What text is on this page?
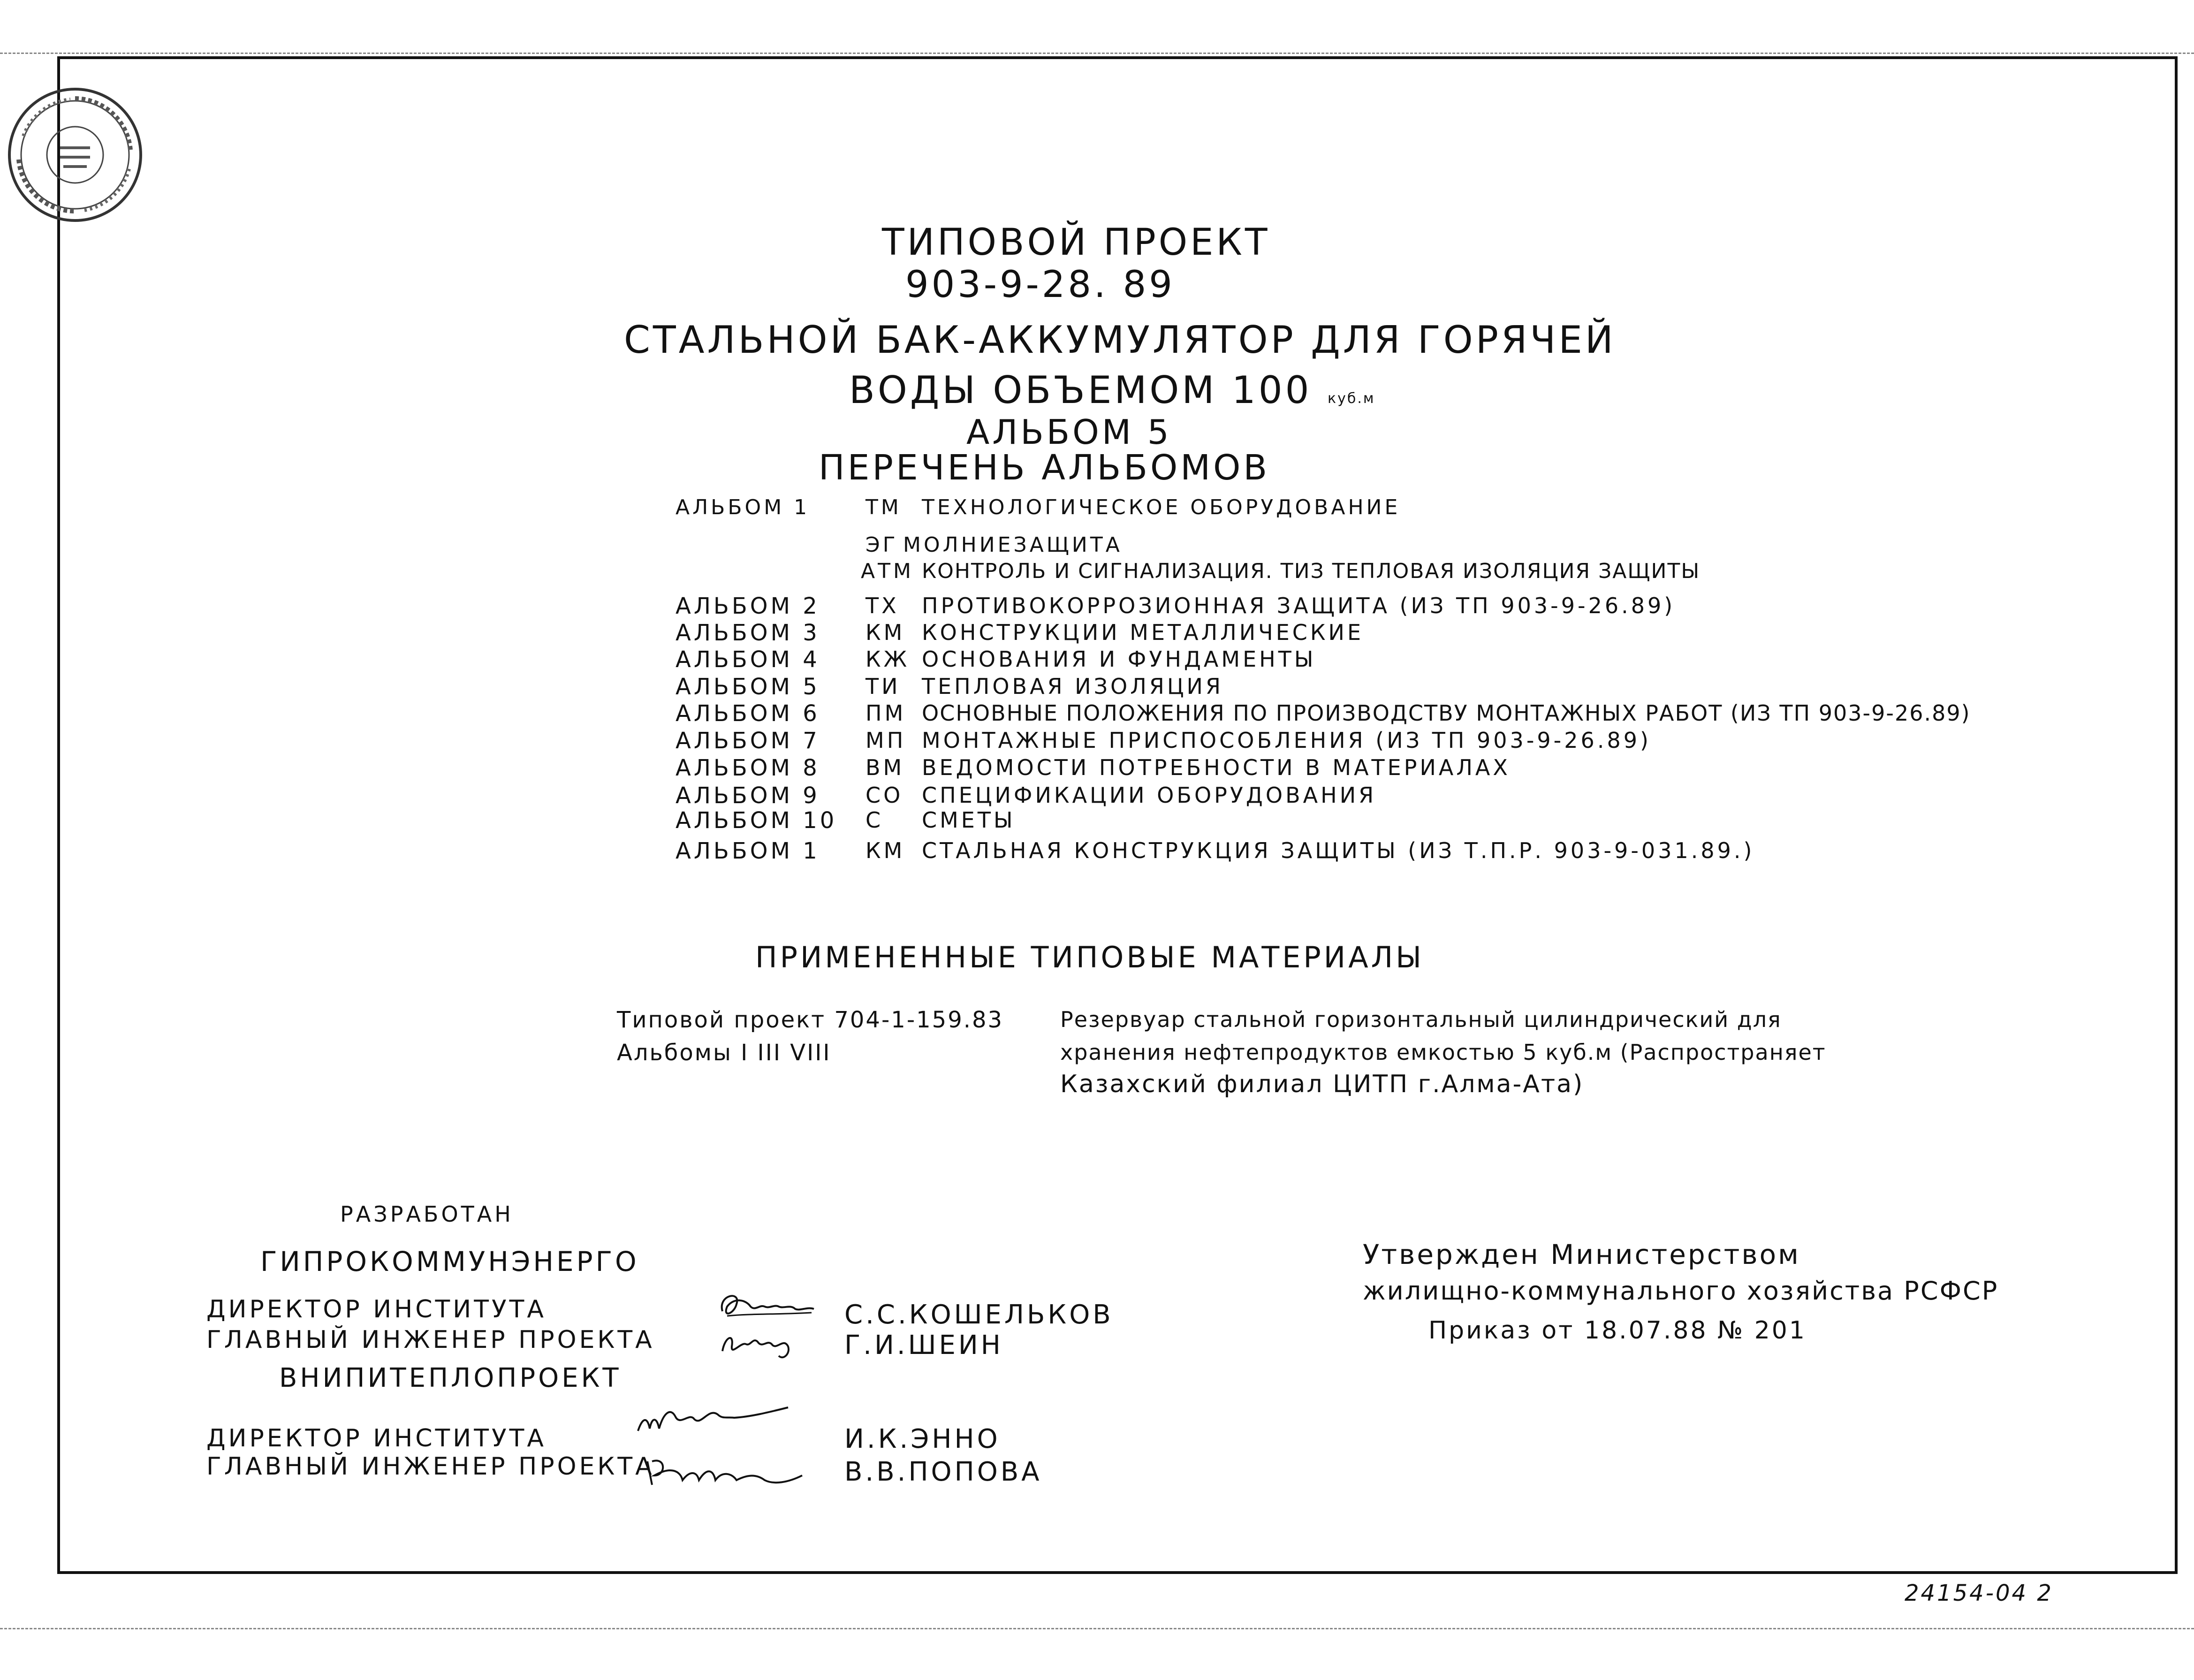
ТИПОВОЙ ПРОЕКТ
903-9-28. 89
СТАЛЬНОЙ БАК-АККУМУЛЯТОР ДЛЯ ГОРЯЧЕЙ
ВОДЫ ОБЪЕМОМ 100 куб.м
АЛЬБОМ 5
ПЕРЕЧЕНЬ АЛЬБОМОВ
АЛЬБОМ 1	ТМ ТЕХНОЛОГИЧЕСКОЕ ОБОРУДОВАНИЕ
ЭГ МОЛНИЕЗАЩИТА
АТМ КОНТРОЛЬ И СИГНАЛИЗАЦИЯ. ТИЗ ТЕПЛОВАЯ ИЗОЛЯЦИЯ ЗАЩИТЫ
АЛЬБОМ 2 ТХ ПРОТИВОКОРРОЗИОННАЯ ЗАЩИТА (ИЗ ТП 903-9-26.89)
АЛЬБОМ 3 КМ КОНСТРУКЦИИ МЕТАЛЛИЧЕСКИЕ
АЛЬБОМ 4 КЖ ОСНОВАНИЯ И ФУНДАМЕНТЫ
АЛЬБОМ 5 ТИ ТЕПЛОВАЯ ИЗОЛЯЦИЯ
АЛЬБОМ 6 ПМ ОСНОВНЫЕ ПОЛОЖЕНИЯ ПО ПРОИЗВОДСТВУ МОНТАЖНЫХ РАБОТ (ИЗ ТП 903-9-26.89)
АЛЬБОМ 7 МП МОНТАЖНЫЕ ПРИСПОСОБЛЕНИЯ (ИЗ ТП 903-9-26.89)
АЛЬБОМ 8 ВМ ВЕДОМОСТИ ПОТРЕБНОСТИ В МАТЕРИАЛАХ
АЛЬБОМ 9 СО СПЕЦИФИКАЦИИ ОБОРУДОВАНИЯ
АЛЬБОМ 10 С СМЕТЫ
АЛЬБОМ 1 КМ СТАЛЬНАЯ КОНСТРУКЦИЯ ЗАЩИТЫ (ИЗ Т.П.Р. 903-9-031.89.)
ПРИМЕНЕННЫЕ ТИПОВЫЕ МАТЕРИАЛЫ
Типовой проект 704-1-159.83
Альбомы I III VIII
Резервуар стальной горизонтальный цилиндрический для
хранения нефтепродуктов емкостью 5 куб.м (Распространяет
Казахский филиал ЦИТП г.Алма-Ата)
РАЗРАБОТАН
ГИПРОКОММУНЭНЕРГО
ДИРЕКТОР ИНСТИТУТА
ГЛАВНЫЙ ИНЖЕНЕР ПРОЕКТА
С.С.КОШЕЛЬКОВ
Г.И.ШЕИН
ВНИПИТЕПЛОПРОЕКТ
ДИРЕКТОР ИНСТИТУТА
ГЛАВНЫЙ ИНЖЕНЕР ПРОЕКТА
И.К.ЭННО
В.В.ПОПОВА
Утвержден Министерством
жилищно-коммунального хозяйства РСФСР
Приказ от 18.07.88 № 201
24154-04 2
